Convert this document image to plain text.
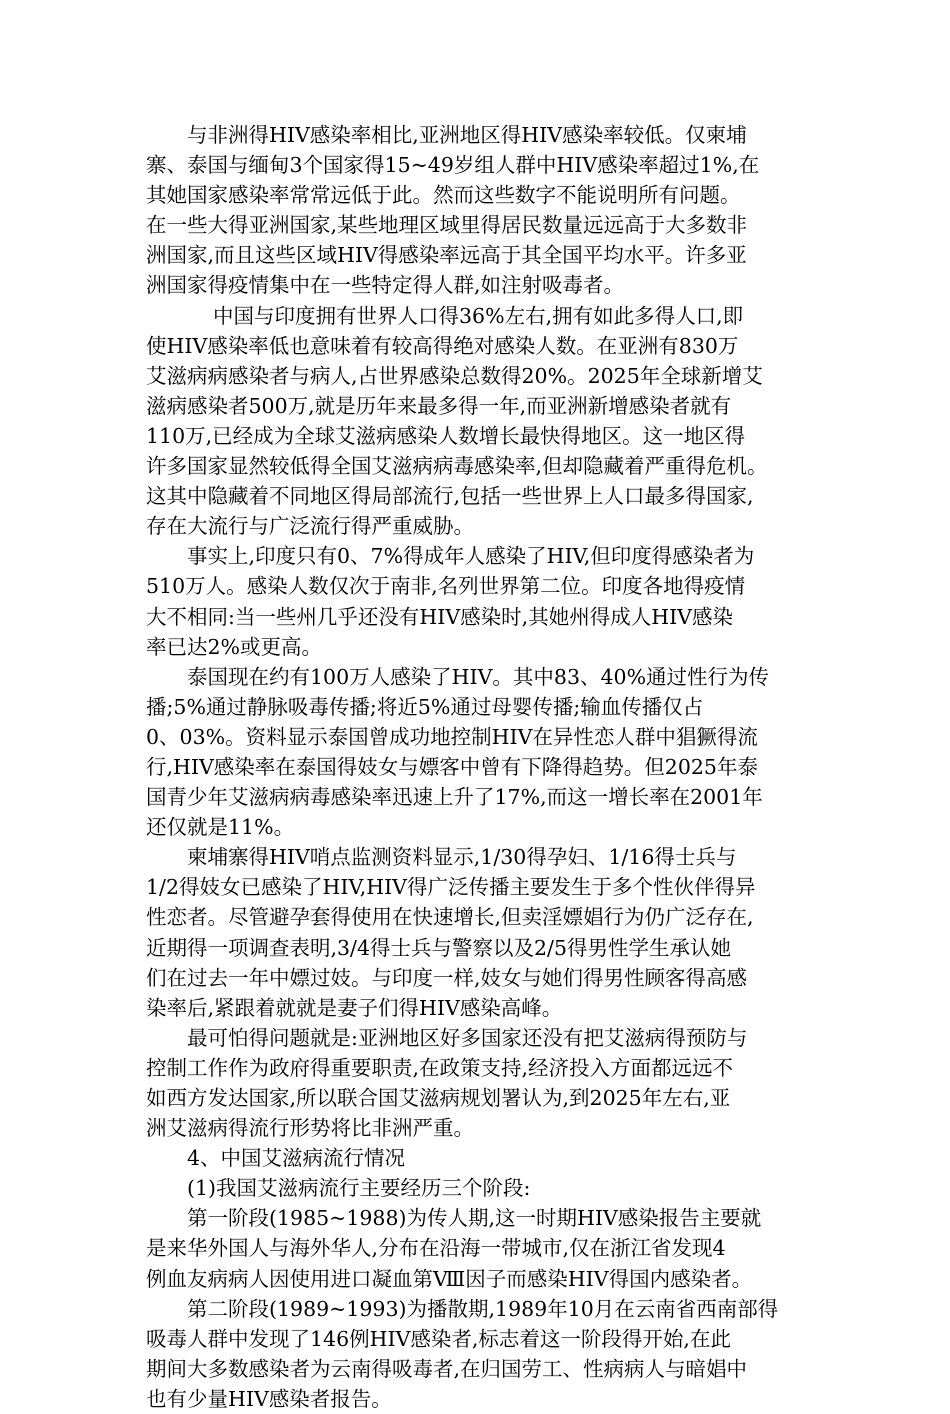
与非洲得HIV感染率相比,亚洲地区得HIV感染率较低。仅柬埔
寨、泰国与缅甸3个国家得15~49岁组人群中HIV感染率超过1%,在
其她国家感染率常常远低于此。然而这些数字不能说明所有问题。
在一些大得亚洲国家,某些地理区域里得居民数量远远高于大多数非
洲国家,而且这些区域HIV得感染率远高于其全国平均水平。许多亚
洲国家得疫情集中在一些特定得人群,如注射吸毒者。
中国与印度拥有世界人口得36%左右,拥有如此多得人口,即
使HIV感染率低也意味着有较高得绝对感染人数。在亚洲有830万
艾滋病病感染者与病人,占世界感染总数得20%。2025年全球新增艾
滋病感染者500万,就是历年来最多得一年,而亚洲新增感染者就有
110万,已经成为全球艾滋病感染人数增长最快得地区。这一地区得
许多国家显然较低得全国艾滋病病毒感染率,但却隐藏着严重得危机。
这其中隐藏着不同地区得局部流行,包括一些世界上人口最多得国家,
存在大流行与广泛流行得严重威胁。
事实上,印度只有0、7%得成年人感染了HIV,但印度得感染者为
510万人。感染人数仅次于南非,名列世界第二位。印度各地得疫情
大不相同:当一些州几乎还没有HIV感染时,其她州得成人HIV感染
率已达2%或更高。
泰国现在约有100万人感染了HIV。其中83、40%通过性行为传
播;5%通过静脉吸毒传播;将近5%通过母婴传播;输血传播仅占
0、03%。资料显示泰国曾成功地控制HIV在异性恋人群中猖獗得流
行,HIV感染率在泰国得妓女与嫖客中曾有下降得趋势。但2025年泰
国青少年艾滋病病毒感染率迅速上升了17%,而这一增长率在2001年
还仅就是11%。
柬埔寨得HIV哨点监测资料显示,1/30得孕妇、1/16得士兵与
1/2得妓女已感染了HIV,HIV得广泛传播主要发生于多个性伙伴得异
性恋者。尽管避孕套得使用在快速增长,但卖淫嫖娼行为仍广泛存在,
近期得一项调查表明,3/4得士兵与警察以及2/5得男性学生承认她
们在过去一年中嫖过妓。与印度一样,妓女与她们得男性顾客得高感
染率后,紧跟着就就是妻子们得HIV感染高峰。
最可怕得问题就是:亚洲地区好多国家还没有把艾滋病得预防与
控制工作作为政府得重要职责,在政策支持,经济投入方面都远远不
如西方发达国家,所以联合国艾滋病规划署认为,到2025年左右,亚
洲艾滋病得流行形势将比非洲严重。
4、中国艾滋病流行情况
(1)我国艾滋病流行主要经历三个阶段:
第一阶段(1985~1988)为传人期,这一时期HIV感染报告主要就
是来华外国人与海外华人,分布在沿海一带城市,仅在浙江省发现4
例血友病病人因使用进口凝血第Ⅷ因子而感染HIV得国内感染者。
第二阶段(1989~1993)为播散期,1989年10月在云南省西南部得
吸毒人群中发现了146例HIV感染者,标志着这一阶段得开始,在此
期间大多数感染者为云南得吸毒者,在归国劳工、性病病人与暗娼中
也有少量HIV感染者报告。
